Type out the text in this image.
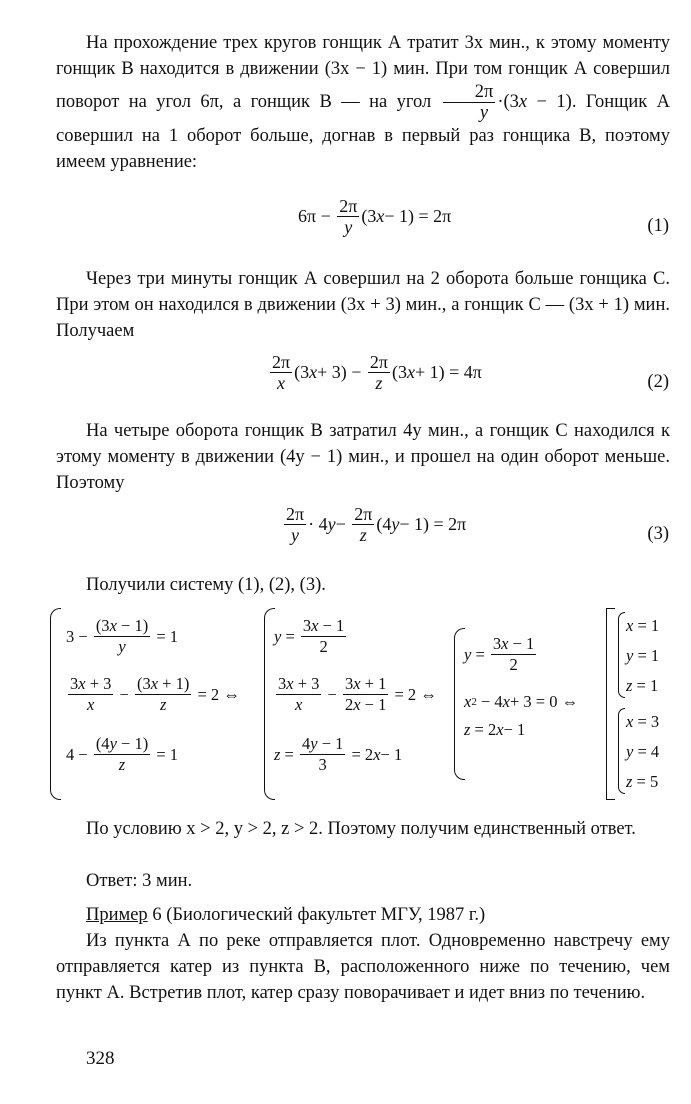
На прохождение трех кругов гонщик А тратит 3x мин., к этому моменту гонщик В находится в движении (3x − 1) мин. При том гонщик А совершил поворот на угол 6π, а гонщик В — на угол $\frac{2\pi}{y} \cdot(3x - 1)$. Гонщик А совершил на 1 оборот больше, догнав в первый раз гонщика В, поэтому имеем уравнение:

$6\pi - \frac{2\pi}{y} (3$ x − 1) = 2π	(1)

Через три минуты гонщик А совершил на 2 оборота больше гонщика С. При этом он находился в движении (3x + 3) мин., а гонщик С — (3x + 1) мин. Получаем

$\frac{2\pi}{x} (3$ $x + 3) - \frac{2\pi}{z} (3$ x + 1) = 4π	(2)

На четыре оборота гонщик В затратил 4y мин., а гонщик С находился к этому моменту в движении (4y − 1) мин., и прошел на один оборот меньше. Поэтому

$\frac{2\pi}{y} \cdot 4$ $y - \frac{2\pi}{z} (4$ y − 1) = 2π	(3)

Получили систему (1), (2), (3).

$3 - \frac{(3x - 1)}{y} = 1$
$\frac{3x + 3}{x} - \frac{(3x + 1)}{z} = 2$ ⇔
$4 - \frac{(4y - 1)}{z} = 1$
$y = \frac{3x - 1}{2}$
$\frac{3x + 3}{x} - \frac{3x + 1}{2x - 1} = 2$ ⇔
$z = \frac{4y - 1}{3} = 2$ x − 1
$y = \frac{3x - 1}{2}$
x 2 − 4 x + 3 = 0 ⇔
z = 2 x − 1
x = 1
y = 1
z = 1
x = 3
y = 4
z = 5

По условию x > 2, y > 2, z > 2. Поэтому получим единственный ответ.

Ответ: 3 мин.

Пример 6 (Биологический факультет МГУ, 1987 г.)

Из пункта А по реке отправляется плот. Одновременно навстречу ему отправляется катер из пункта В, расположенного ниже по течению, чем пункт А. Встретив плот, катер сразу поворачивает и идет вниз по течению.

328
